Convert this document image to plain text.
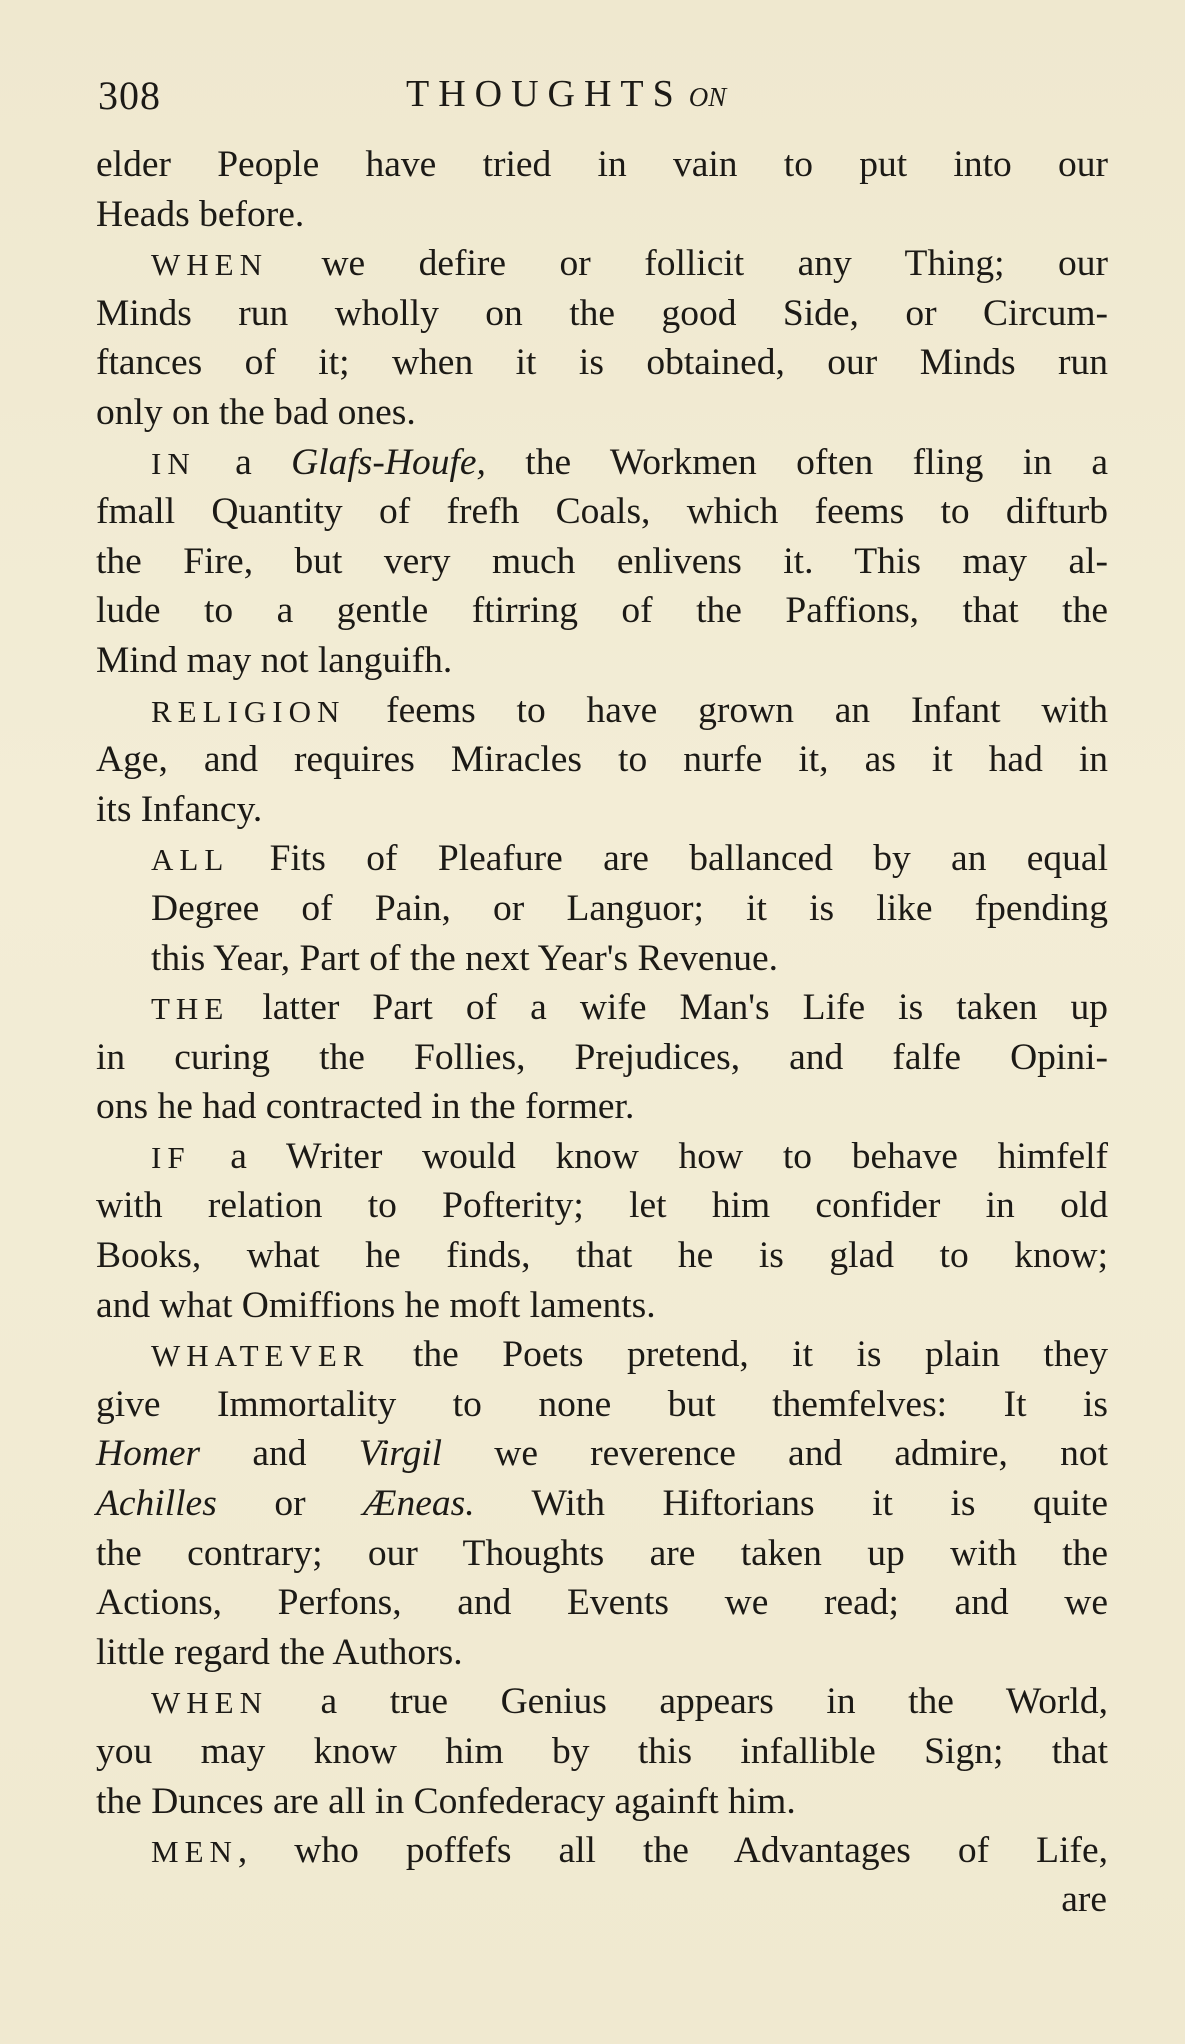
308	THOUGHTS on
elder People have tried in vain to put into our
Heads before.
WHEN we defire or follicit any Thing; our
Minds run wholly on the good Side, or Circum-
ftances of it; when it is obtained, our Minds run
only on the bad ones.
IN a Glafs-Houfe, the Workmen often fling in a
fmall Quantity of frefh Coals, which feems to difturb
the Fire, but very much enlivens it. This may al-
lude to a gentle ftirring of the Paffions, that the
Mind may not languifh.
RELIGION feems to have grown an Infant with
Age, and requires Miracles to nurfe it, as it had in
its Infancy.
ALL Fits of Pleafure are ballanced by an equal
Degree of Pain, or Languor; it is like fpending
this Year, Part of the next Year's Revenue.
THE latter Part of a wife Man's Life is taken up
in curing the Follies, Prejudices, and falfe Opini-
ons he had contracted in the former.
IF a Writer would know how to behave himfelf
with relation to Pofterity; let him confider in old
Books, what he finds, that he is glad to know;
and what Omiffions he moft laments.
WHATEVER the Poets pretend, it is plain they
give Immortality to none but themfelves: It is
Homer and Virgil we reverence and admire, not
Achilles or Æneas. With Hiftorians it is quite
the contrary; our Thoughts are taken up with the
Actions, Perfons, and Events we read; and we
little regard the Authors.
WHEN a true Genius appears in the World,
you may know him by this infallible Sign; that
the Dunces are all in Confederacy againft him.
MEN, who poffefs all the Advantages of Life,
are
